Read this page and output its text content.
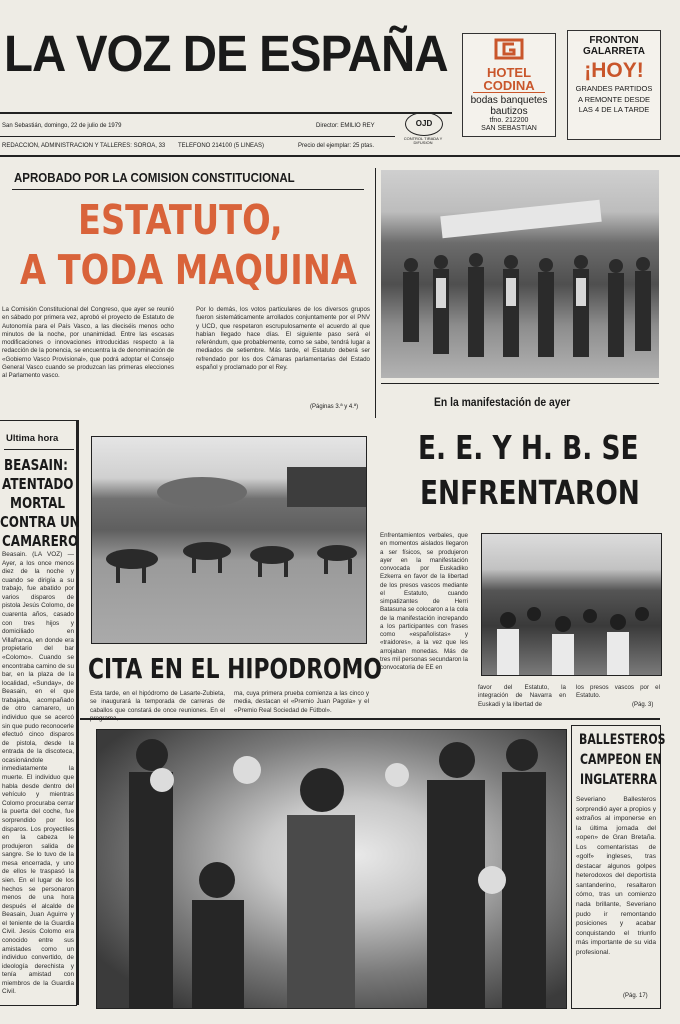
LA VOZ DE ESPAÑA	HOTEL
CODINA
bodas banquetes
bautizos
tfno. 212200
SAN SEBASTIAN
FRONTON
GALARRETA
¡HOY!
GRANDES PARTIDOS
A REMONTE DESDE
LAS 4 DE LA TARDE
San Sebastián, domingo, 22 de julio de 1979	Director: EMILIO REY	OJD
CONTROL TIRADA Y DIFUSION
REDACCION, ADMINISTRACION Y TALLERES: SOROA, 33 TELEFONO 214100 (5 LINEAS)	Precio del ejemplar: 25 ptas.
APROBADO POR LA COMISION CONSTITUCIONAL
ESTATUTO,
A TODA MAQUINA
La Comisión Constitucional del Congreso, que ayer se reunió en sábado por primera vez, aprobó el proyecto de Estatuto de Autonomía para el País Vasco, a las dieciséis menos ocho minutos de la noche, por unanimidad. Entre las escasas modificaciones o innovaciones introducidas respecto a la redacción de la ponencia, se encuentra la de denominación de «Gobierno Vasco Provisional», que podrá adoptar el Consejo General Vasco cuando se produzcan las primeras elecciones al Parlamento vasco.
Por lo demás, los votos particulares de los diversos grupos fueron sistemáticamente arrollados conjuntamente por el PNV y UCD, que respetaron escrupulosamente el acuerdo al que habían llegado hace días. El siguiente paso será el referéndum, que probablemente, como se sabe, tendrá lugar a mediados de setiembre. Más tarde, el Estatuto deberá ser refrendado por los dos Cámaras parlamentarias del Estado español y proclamado por el Rey.
(Páginas 3.ª y 4.ª)	En la manifestación de ayer
E. E. Y H. B. SE
ENFRENTARON
Ultima hora
BEASAIN:
ATENTADO
MORTAL
CONTRA UN
CAMARERO
Beasain. (LA VOZ) — Ayer, a los once menos diez de la noche y cuando se dirigía a su trabajo, fue abatido por varios disparos de pistola Jesús Colomo, de cuarenta años, casado con tres hijos y domiciliado en Villafranca, en donde era propietario del bar «Colomo». Cuando se encontraba camino de su bar, en la plaza de la localidad, «Sunday», de Beasain, en el que trabajaba, acompañado de otro camarero, un individuo que se acercó sin que pudo reconocerle efectuó cinco disparos de pistola, desde la entrada de la discoteca, ocasionándole inmediatamente la muerte. El individuo que habla desde dentro del vehículo y mientras Colomo procuraba cerrar la puerta del coche, fue sorprendido por los disparos. Los proyectiles en la cabeza le produjeron salida de sangre. Se lo tuvo de la mesa encerrada, y uno de ellos le traspasó la sien. En el lugar de los hechos se personaron menos de una hora después el alcalde de Beasain, Juan Aguirre y el teniente de la Guardia Civil. Jesús Colomo era conocido entre sus amistades como un individuo convertido, de ideología derechista y tenía amistad con miembros de la Guardia Civil.
CITA EN EL HIPODROMO
Esta tarde, en el hipódromo de Lasarte-Zubieta, se inaugurará la temporada de carreras de caballos que constará de once reuniones. En el
ma, cuya primera prueba comienza a las cinco y media, destacan el «Premio Juan Pagola» y el «Premio Real Sociedad de Fútbol».
Enfrentamientos verbales, que en momentos aislados llegaron a ser físicos, se produjeron ayer en la manifestación convocada por Euskadiko Ezkerra en favor de la libertad de los presos vascos mediante el Estatuto, cuando simpatizantes de Herri Batasuna se colocaron a la cola de la manifestación increpando a los participantes con frases como «españolistas» y «traidores», a la vez que les arrojaban monedas. Más de tres mil personas secundaron la convocatoria de EE en
favor del Estatuto, la integración de Navarra en Euskadi y la libertad de
los presos vascos por el Estatuto.
(Pág. 3)
BALLESTEROS
CAMPEON EN
INGLATERRA
Severiano Ballesteros sorprendió ayer a propios y extraños al imponerse en la última jornada del «open» de Gran Bretaña. Los comentaristas de «golf» ingleses, tras destacar algunos golpes heterodoxos del deportista santanderino, resaltaron cómo, tras un comienzo nada brillante, Severiano pudo ir remontando posiciones y acabar conquistando el triunfo más importante de su vida profesional.
(Pág. 17)
